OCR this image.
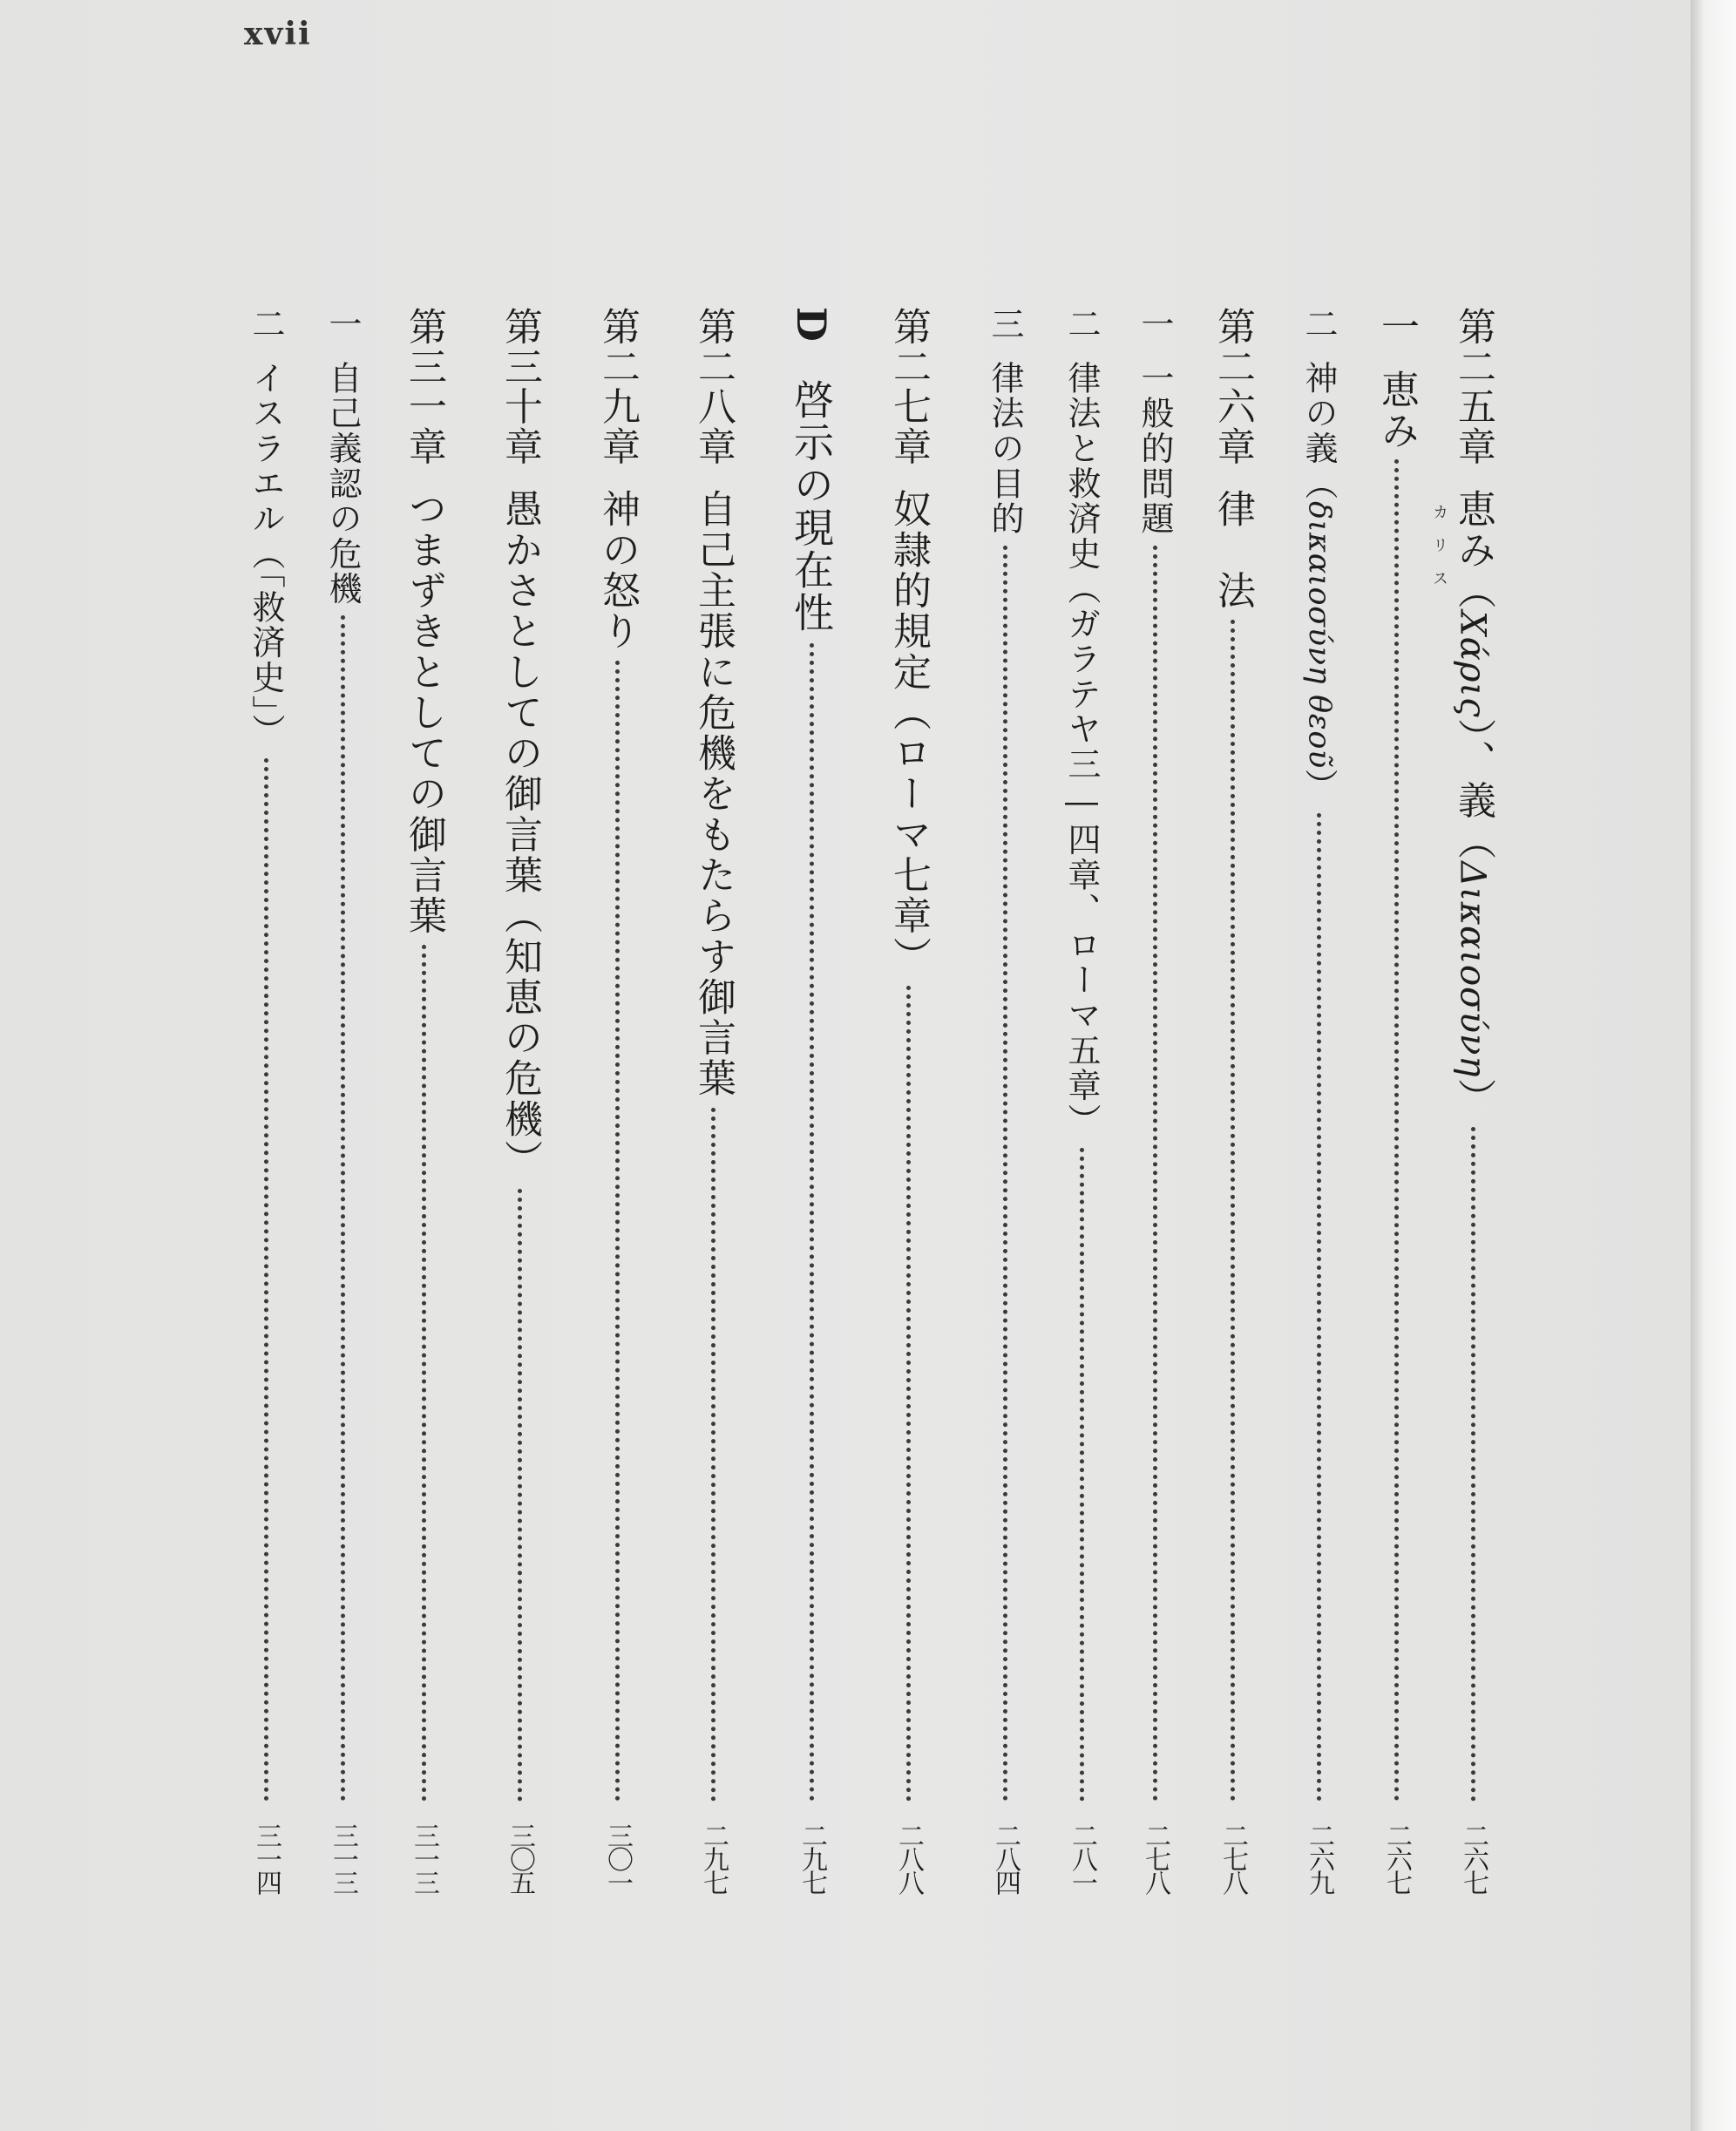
xvii
第二五章
恵み（
Χάρις
）、義（
Δικαιοσύνη
）
二六七
一
恵み
二六七
カリス
二
神の義（
δικαιοσύνη θεοῦ
）
二六九
第二六章
律　法
二七八
一
一般的問題
二七八
二
律法と救済史（ガラテヤ三―四章、ローマ五章）
二八一
三
律法の目的
二八四
第二七章
奴隷的規定（ローマ七章）
二八八
D
啓示の現在性
二九七
第二八章
自己主張に危機をもたらす御言葉
二九七
第二九章
神の怒り
三〇一
第三十章
愚かさとしての御言葉（知恵の危機）
三〇五
第三一章
つまずきとしての御言葉
三一三
一
自己義認の危機
三一三
二
イスラエル（「救済史」）
三一四
